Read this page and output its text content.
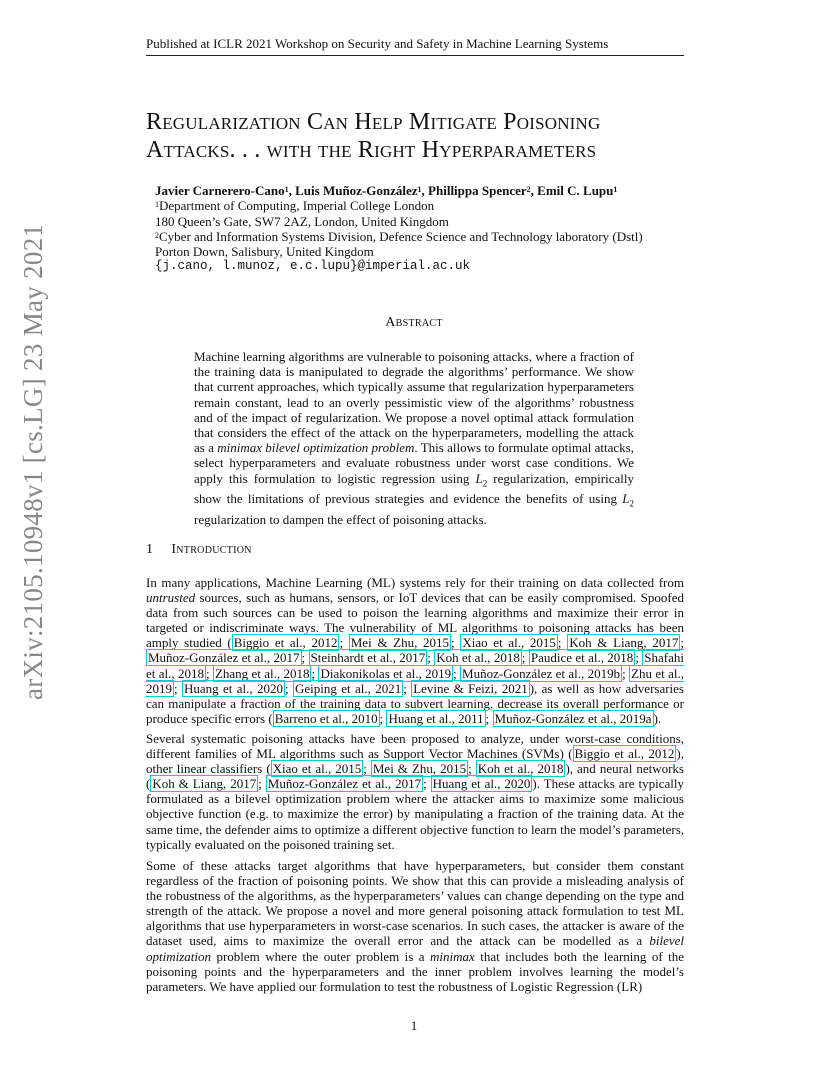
Published at ICLR 2021 Workshop on Security and Safety in Machine Learning Systems
Regularization Can Help Mitigate Poisoning
Attacks. . . with the Right Hyperparameters
Javier Carnerero-Cano$^1$, Luis Muñoz-González$^1$, Phillippa Spencer$^2$, Emil C. Lupu$^1$
$^1$Department of Computing, Imperial College London
180 Queen’s Gate, SW7 2AZ, London, United Kingdom
$^2$Cyber and Information Systems Division, Defence Science and Technology laboratory (Dstl)
Porton Down, Salisbury, United Kingdom
{j.cano, l.munoz, e.c.lupu}@imperial.ac.uk
Abstract
Machine learning algorithms are vulnerable to poisoning attacks, where a fraction of the training data is manipulated to degrade the algorithms’ performance. We show that current approaches, which typically assume that regularization hyperparameters remain constant, lead to an overly pessimistic view of the algorithms’ robustness and of the impact of regularization. We propose a novel optimal attack formulation that considers the effect of the attack on the hyperparameters, modelling the attack as a minimax bilevel optimization problem. This allows to formulate optimal attacks, select hyperparameters and evaluate robustness under worst case conditions. We apply this formulation to logistic regression using $L_2$ regularization, empirically show the limitations of previous strategies and evidence the benefits of using $L_2$ regularization to dampen the effect of poisoning attacks.
1 Introduction
In many applications, Machine Learning (ML) systems rely for their training on data collected from untrusted sources, such as humans, sensors, or IoT devices that can be easily compromised. Spoofed data from such sources can be used to poison the learning algorithms and maximize their error in targeted or indiscriminate ways. The vulnerability of ML algorithms to poisoning attacks has been amply studied ( Biggio et al., 2012 ; Mei & Zhu, 2015 ; Xiao et al., 2015 ; Koh & Liang, 2017 ; Muñoz-González et al., 2017 ; Steinhardt et al., 2017 ; Koh et al., 2018 ; Paudice et al., 2018 ; Shafahi et al., 2018 ; Zhang et al., 2018 ; Diakonikolas et al., 2019 ; Muñoz-González et al., 2019b ; Zhu et al., 2019 ; Huang et al., 2020 ; Geiping et al., 2021 ; Levine & Feizi, 2021 ), as well as how adversaries can manipulate a fraction of the training data to subvert learning, decrease its overall performance or produce specific errors ( Barreno et al., 2010 ; Huang et al., 2011 ; Muñoz-González et al., 2019a ).
Several systematic poisoning attacks have been proposed to analyze, under worst-case conditions, different families of ML algorithms such as Support Vector Machines (SVMs) ( Biggio et al., 2012 ), other linear classifiers ( Xiao et al., 2015 ; Mei & Zhu, 2015 ; Koh et al., 2018 ), and neural networks ( Koh & Liang, 2017 ; Muñoz-González et al., 2017 ; Huang et al., 2020 ). These attacks are typically formulated as a bilevel optimization problem where the attacker aims to maximize some malicious objective function (e.g. to maximize the error) by manipulating a fraction of the training data. At the same time, the defender aims to optimize a different objective function to learn the model’s parameters, typically evaluated on the poisoned training set.
Some of these attacks target algorithms that have hyperparameters, but consider them constant regardless of the fraction of poisoning points. We show that this can provide a misleading analysis of the robustness of the algorithms, as the hyperparameters’ values can change depending on the type and strength of the attack. We propose a novel and more general poisoning attack formulation to test ML algorithms that use hyperparameters in worst-case scenarios. In such cases, the attacker is aware of the dataset used, aims to maximize the overall error and the attack can be modelled as a bilevel optimization problem where the outer problem is a minimax that includes both the learning of the poisoning points and the hyperparameters and the inner problem involves learning the model’s parameters. We have applied our formulation to test the robustness of Logistic Regression (LR)
arXiv:2105.10948v1 [cs.LG] 23 May 2021
1
